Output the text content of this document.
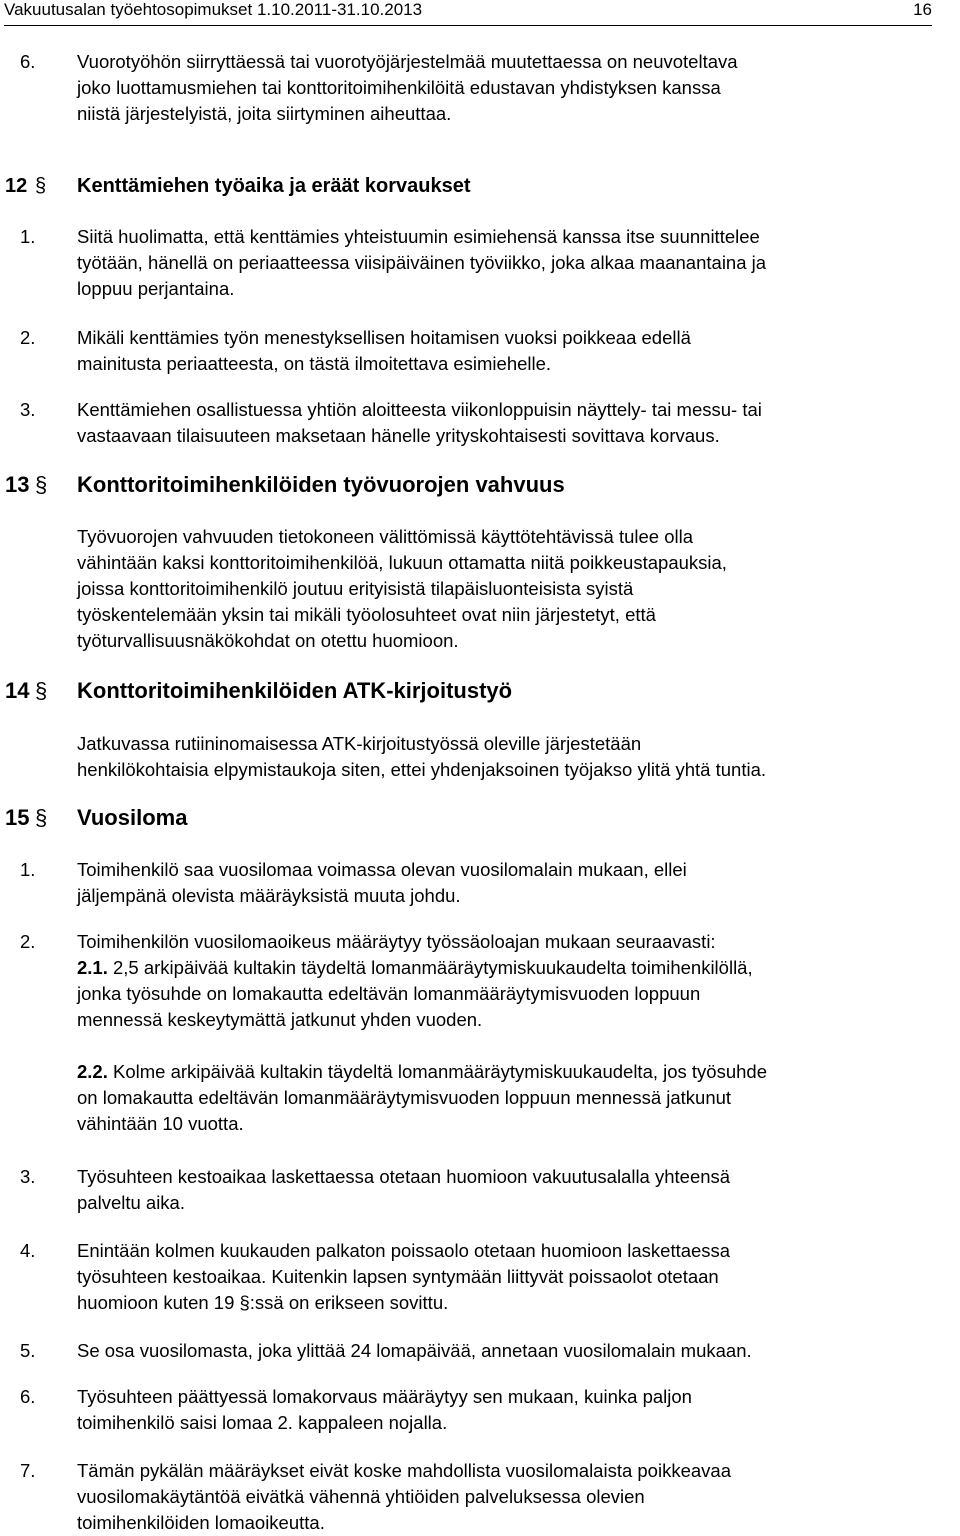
Vakuutusalan työehtosopimukset 1.10.2011-31.10.2013	16
6. Vuorotyöhön siirryttäessä tai vuorotyöjärjestelmää muutettaessa on neuvoteltava
joko luottamusmiehen tai konttoritoimihenkilöitä edustavan yhdistyksen kanssa
niistä järjestelyistä, joita siirtyminen aiheuttaa.
12 § Kenttämiehen työaika ja eräät korvaukset
1. Siitä huolimatta, että kenttämies yhteistuumin esimiehensä kanssa itse suunnittelee
työtään, hänellä on periaatteessa viisipäiväinen työviikko, joka alkaa maanantaina ja
loppuu perjantaina.
2. Mikäli kenttämies työn menestyksellisen hoitamisen vuoksi poikkeaa edellä
mainitusta periaatteesta, on tästä ilmoitettava esimiehelle.
3. Kenttämiehen osallistuessa yhtiön aloitteesta viikonloppuisin näyttely- tai messu- tai
vastaavaan tilaisuuteen maksetaan hänelle yrityskohtaisesti sovittava korvaus.
13 § Konttoritoimihenkilöiden työvuorojen vahvuus
Työvuorojen vahvuuden tietokoneen välittömissä käyttötehtävissä tulee olla
vähintään kaksi konttoritoimihenkilöä, lukuun ottamatta niitä poikkeustapauksia,
joissa konttoritoimihenkilö joutuu erityisistä tilapäisluonteisista syistä
työskentelemään yksin tai mikäli työolosuhteet ovat niin järjestetyt, että
työturvallisuusnäkökohdat on otettu huomioon.
14 § Konttoritoimihenkilöiden ATK-kirjoitustyö
Jatkuvassa rutiininomaisessa ATK-kirjoitustyössä oleville järjestetään
henkilökohtaisia elpymistaukoja siten, ettei yhdenjaksoinen työjakso ylitä yhtä tuntia.
15 § Vuosiloma
1. Toimihenkilö saa vuosilomaa voimassa olevan vuosilomalain mukaan, ellei
jäljempänä olevista määräyksistä muuta johdu.
2. Toimihenkilön vuosilomaoikeus määräytyy työssäoloajan mukaan seuraavasti:
2.1. 2,5 arkipäivää kultakin täydeltä lomanmääräytymiskuukaudelta toimihenkilöllä,
jonka työsuhde on lomakautta edeltävän lomanmääräytymisvuoden loppuun
mennessä keskeytymättä jatkunut yhden vuoden.
2.2. Kolme arkipäivää kultakin täydeltä lomanmääräytymiskuukaudelta, jos työsuhde
on lomakautta edeltävän lomanmääräytymisvuoden loppuun mennessä jatkunut
vähintään 10 vuotta.
3. Työsuhteen kestoaikaa laskettaessa otetaan huomioon vakuutusalalla yhteensä
palveltu aika.
4. Enintään kolmen kuukauden palkaton poissaolo otetaan huomioon laskettaessa
työsuhteen kestoaikaa. Kuitenkin lapsen syntymään liittyvät poissaolot otetaan
huomioon kuten 19 §:ssä on erikseen sovittu.
5. Se osa vuosilomasta, joka ylittää 24 lomapäivää, annetaan vuosilomalain mukaan.
6. Työsuhteen päättyessä lomakorvaus määräytyy sen mukaan, kuinka paljon
toimihenkilö saisi lomaa 2. kappaleen nojalla.
7. Tämän pykälän määräykset eivät koske mahdollista vuosilomalaista poikkeavaa
vuosilomakäytäntöä eivätkä vähennä yhtiöiden palveluksessa olevien
toimihenkilöiden lomaoikeutta.
